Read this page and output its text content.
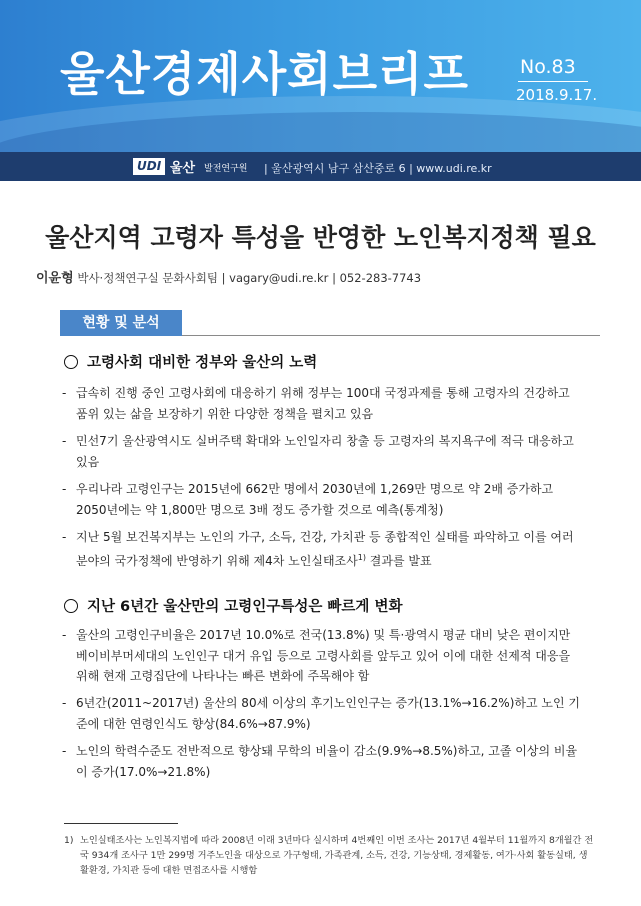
울산경제사회브리프	No.83
2018.9.17.
UDI 울산 발전연구원 | 울산광역시 남구 삼산중로 6 | www.udi.re.kr
울산지역 고령자 특성을 반영한 노인복지정책 필요
이윤형 박사·정책연구실 문화사회팀 | vagary@udi.re.kr | 052-283-7743
현황 및 분석
고령사회 대비한 정부와 울산의 노력
- 급속히 진행 중인 고령사회에 대응하기 위해 정부는 100대 국정과제를 통해 고령자의 건강하고 품위 있는 삶을 보장하기 위한 다양한 정책을 펼치고 있음
- 민선7기 울산광역시도 실버주택 확대와 노인일자리 창출 등 고령자의 복지욕구에 적극 대응하고 있음
- 우리나라 고령인구는 2015년에 662만 명에서 2030년에 1,269만 명으로 약 2배 증가하고 2050년에는 약 1,800만 명으로 3배 정도 증가할 것으로 예측(통계청)
- 지난 5월 보건복지부는 노인의 가구, 소득, 건강, 가치관 등 종합적인 실태를 파악하고 이를 여러 분야의 국가정책에 반영하기 위해 제4차 노인실태조사$^{1)}$ 결과를 발표
지난 6년간 울산만의 고령인구특성은 빠르게 변화
- 울산의 고령인구비율은 2017년 10.0%로 전국(13.8%) 및 특·광역시 평균 대비 낮은 편이지만 베이비부머세대의 노인인구 대거 유입 등으로 고령사회를 앞두고 있어 이에 대한 선제적 대응을 위해 현재 고령집단에 나타나는 빠른 변화에 주목해야 함
- 6년간(2011~2017년) 울산의 80세 이상의 후기노인인구는 증가(13.1%→16.2%)하고 노인 기준에 대한 연령인식도 향상(84.6%→87.9%)
- 노인의 학력수준도 전반적으로 향상돼 무학의 비율이 감소(9.9%→8.5%)하고, 고졸 이상의 비율이 증가(17.0%→21.8%)
1) 노인실태조사는 노인복지법에 따라 2008년 이래 3년마다 실시하며 4번째인 이번 조사는 2017년 4월부터 11월까지 8개월간 전국 934개 조사구 1만 299명 거주노인을 대상으로 가구형태, 가족관계, 소득, 건강, 기능상태, 경제활동, 여가·사회 활동실태, 생활환경, 가치관 등에 대한 면접조사를 시행함
